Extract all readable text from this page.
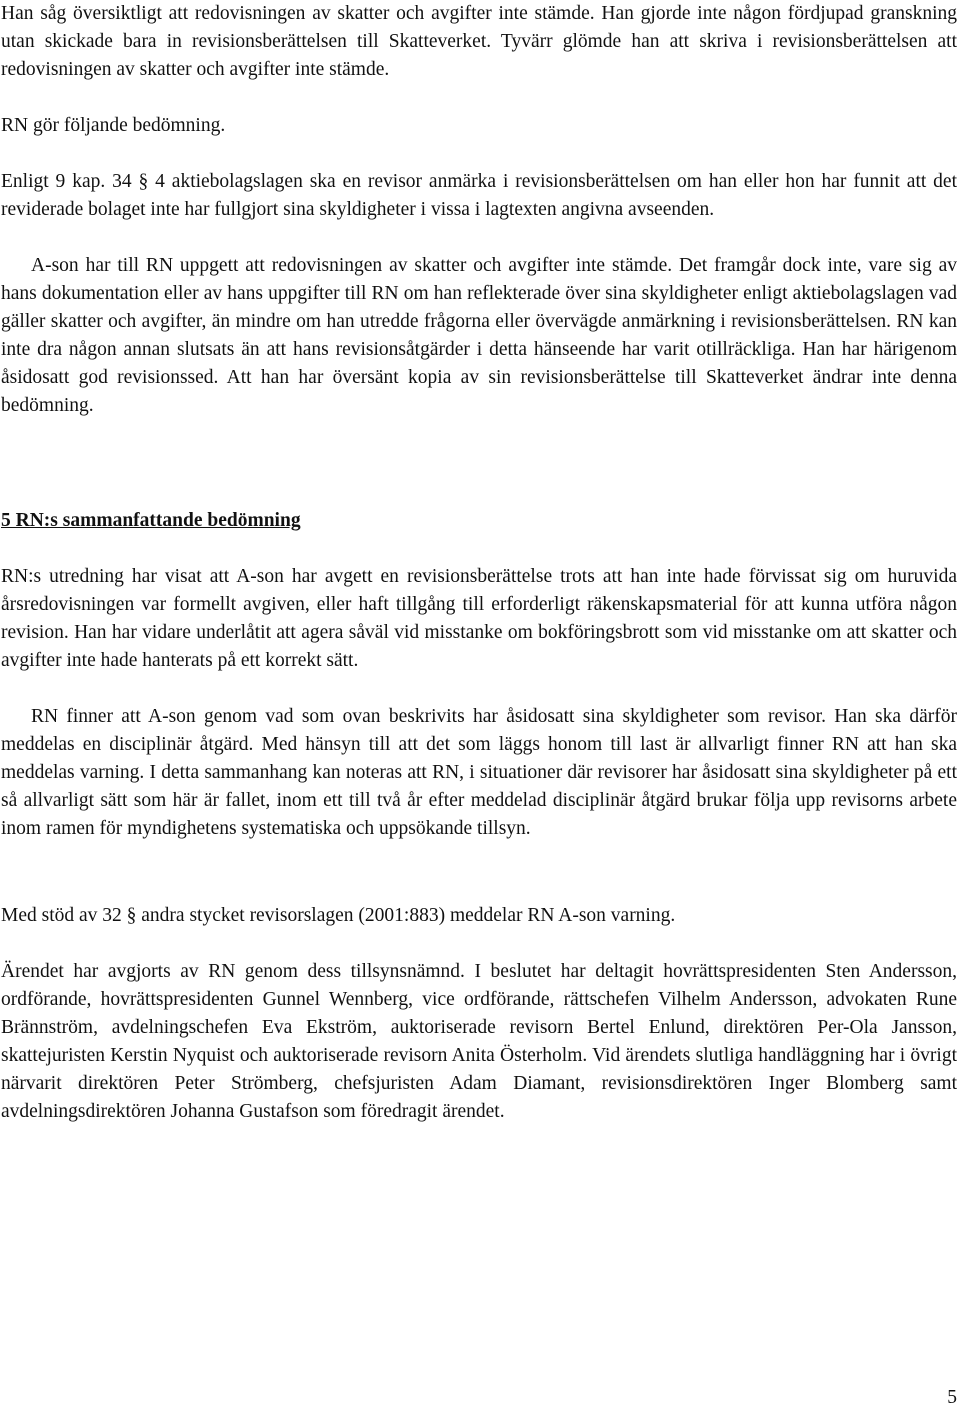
Han såg översiktligt att redovisningen av skatter och avgifter inte stämde. Han gjorde inte någon fördjupad granskning utan skickade bara in revisionsberättelsen till Skatteverket. Tyvärr glömde han att skriva i revisionsberättelsen att redovisningen av skatter och avgifter inte stämde.

RN gör följande bedömning.

Enligt 9 kap. 34 § 4 aktiebolagslagen ska en revisor anmärka i revisionsberättelsen om han eller hon har funnit att det reviderade bolaget inte har fullgjort sina skyldigheter i vissa i lagtexten angivna avseenden.

A-son har till RN uppgett att redovisningen av skatter och avgifter inte stämde. Det framgår dock inte, vare sig av hans dokumentation eller av hans uppgifter till RN om han reflekterade över sina skyldigheter enligt aktiebolagslagen vad gäller skatter och avgifter, än mindre om han utredde frågorna eller övervägde anmärkning i revisionsberättelsen. RN kan inte dra någon annan slutsats än att hans revisionsåtgärder i detta hänseende har varit otillräckliga. Han har härigenom åsidosatt god revisionssed. Att han har översänt kopia av sin revisionsberättelse till Skatteverket ändrar inte denna bedömning.

5 RN:s sammanfattande bedömning

RN:s utredning har visat att A-son har avgett en revisionsberättelse trots att han inte hade förvissat sig om huruvida årsredovisningen var formellt avgiven, eller haft tillgång till erforderligt räkenskapsmaterial för att kunna utföra någon revision. Han har vidare underlåtit att agera såväl vid misstanke om bokföringsbrott som vid misstanke om att skatter och avgifter inte hade hanterats på ett korrekt sätt.

RN finner att A-son genom vad som ovan beskrivits har åsidosatt sina skyldigheter som revisor. Han ska därför meddelas en disciplinär åtgärd. Med hänsyn till att det som läggs honom till last är allvarligt finner RN att han ska meddelas varning. I detta sammanhang kan noteras att RN, i situationer där revisorer har åsidosatt sina skyldigheter på ett så allvarligt sätt som här är fallet, inom ett till två år efter meddelad disciplinär åtgärd brukar följa upp revisorns arbete inom ramen för myndighetens systematiska och uppsökande tillsyn.

Med stöd av 32 § andra stycket revisorslagen (2001:883) meddelar RN A-son varning.

Ärendet har avgjorts av RN genom dess tillsynsnämnd. I beslutet har deltagit hovrättspresidenten Sten Andersson, ordförande, hovrättspresidenten Gunnel Wennberg, vice ordförande, rättschefen Vilhelm Andersson, advokaten Rune Brännström, avdelningschefen Eva Ekström, auktoriserade revisorn Bertel Enlund, direktören Per-Ola Jansson, skattejuristen Kerstin Nyquist och auktoriserade revisorn Anita Österholm. Vid ärendets slutliga handläggning har i övrigt närvarit direktören Peter Strömberg, chefsjuristen Adam Diamant, revisionsdirektören Inger Blomberg samt avdelningsdirektören Johanna Gustafson som föredragit ärendet.

5
